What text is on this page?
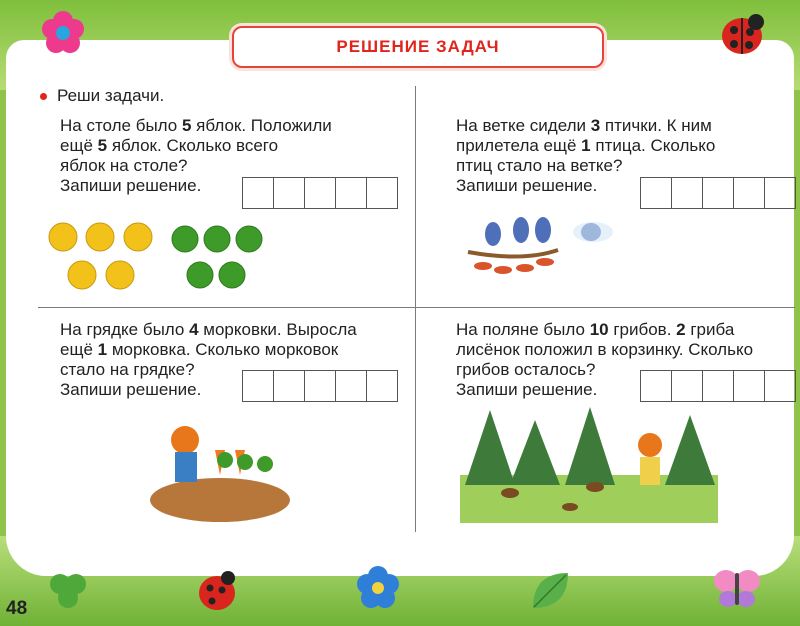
РЕШЕНИЕ ЗАДАЧ
Реши задачи.
На столе было 5 яблок. Положили
ещё 5 яблок. Сколько всего
яблок на столе?
Запиши решение.
На ветке сидели 3 птички. К ним
прилетела ещё 1 птица. Сколько
птиц стало на ветке?
Запиши решение.
На грядке было 4 морковки. Выросла
ещё 1 морковка. Сколько морковок
стало на грядке?
Запиши решение.
На поляне было 10 грибов. 2 гриба
лисёнок положил в корзинку. Сколько
грибов осталось?
Запиши решение.
48
